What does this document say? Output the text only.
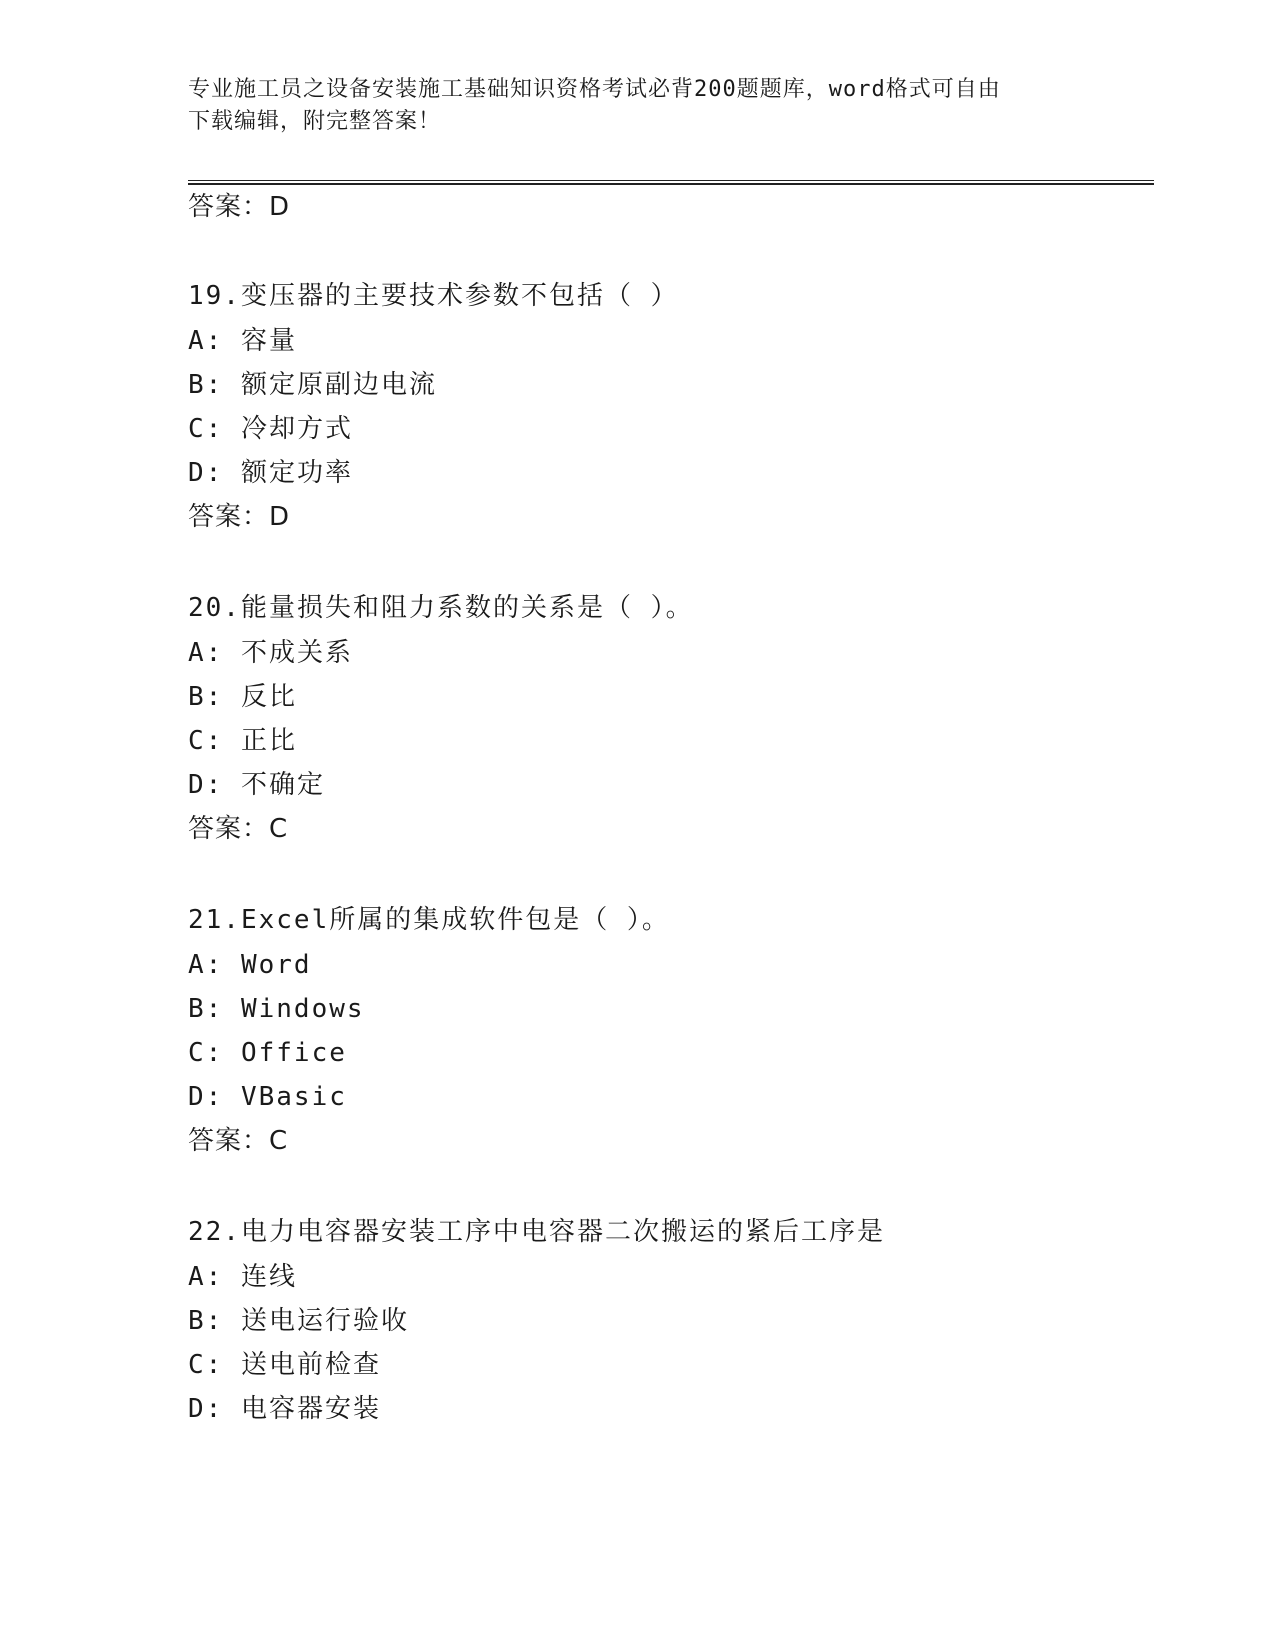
专业施工员之设备安装施工基础知识资格考试必背200题题库，word格式可自由
下载编辑，附完整答案！
答案：D
19.变压器的主要技术参数不包括（ ）
A: 容量
B: 额定原副边电流
C: 冷却方式
D: 额定功率
答案：D
20.能量损失和阻力系数的关系是（ ）。
A: 不成关系
B: 反比
C: 正比
D: 不确定
答案：C
21.Excel所属的集成软件包是（ ）。
A: Word
B: Windows
C: Office
D: VBasic
答案：C
22.电力电容器安装工序中电容器二次搬运的紧后工序是
A: 连线
B: 送电运行验收
C: 送电前检查
D: 电容器安装
